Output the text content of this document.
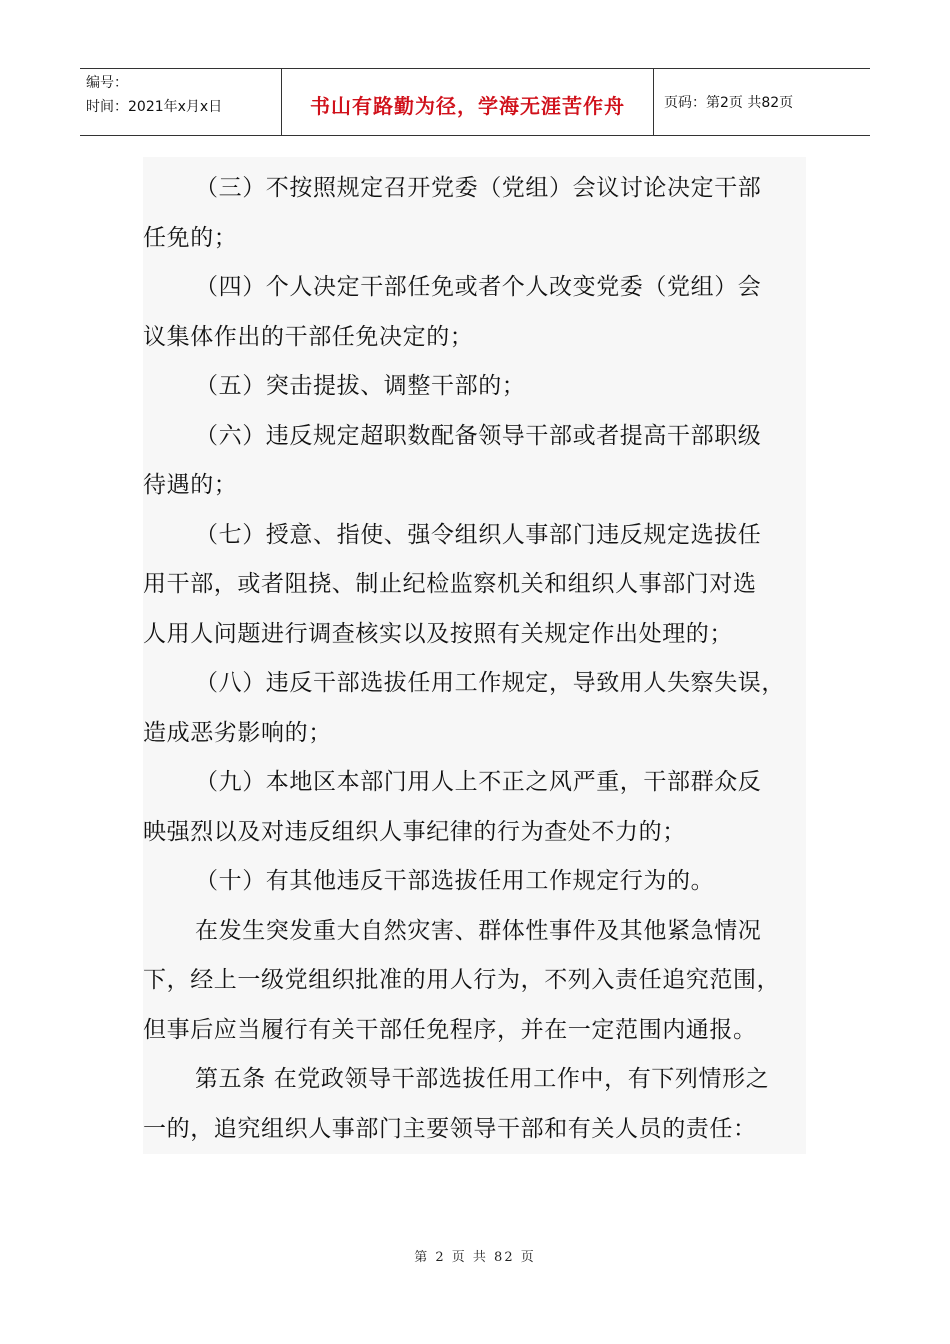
编号：
时间：2021年x月x日	书山有路勤为径，学海无涯苦作舟	页码：第2页 共82页
（三）不按照规定召开党委（党组）会议讨论决定干部
任免的；
（四）个人决定干部任免或者个人改变党委（党组）会
议集体作出的干部任免决定的；
（五）突击提拔、调整干部的；
（六）违反规定超职数配备领导干部或者提高干部职级
待遇的；
（七）授意、指使、强令组织人事部门违反规定选拔任
用干部，或者阻挠、制止纪检监察机关和组织人事部门对选
人用人问题进行调查核实以及按照有关规定作出处理的；
（八）违反干部选拔任用工作规定，导致用人失察失误，
造成恶劣影响的；
（九）本地区本部门用人上不正之风严重，干部群众反
映强烈以及对违反组织人事纪律的行为查处不力的；
（十）有其他违反干部选拔任用工作规定行为的。
在发生突发重大自然灾害、群体性事件及其他紧急情况
下，经上一级党组织批准的用人行为，不列入责任追究范围，
但事后应当履行有关干部任免程序，并在一定范围内通报。
第五条 在党政领导干部选拔任用工作中，有下列情形之
一的，追究组织人事部门主要领导干部和有关人员的责任：
第 2 页 共 82 页
